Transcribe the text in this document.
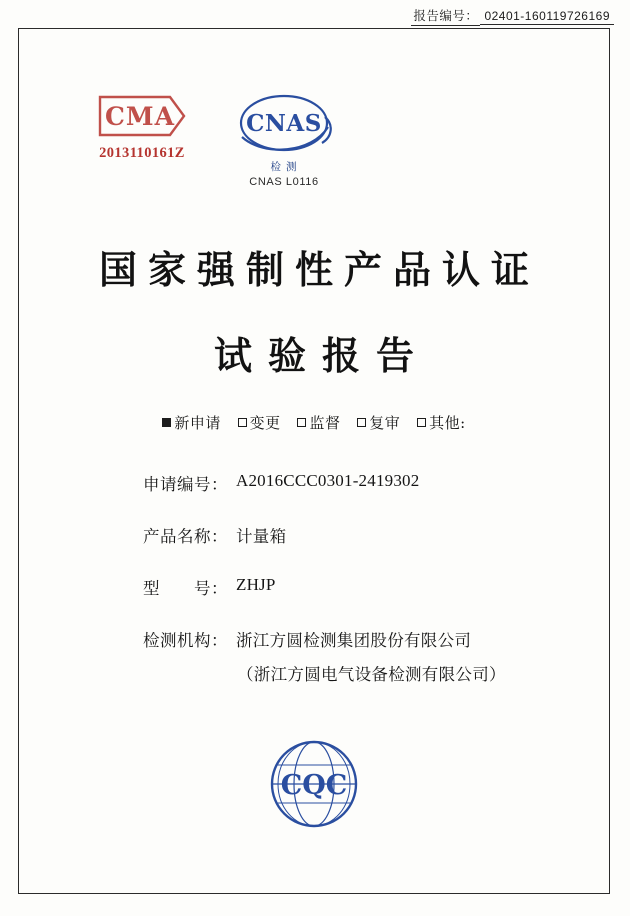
报告编号： 02401-160119726169
CMA
2013110161Z
CNAS
检 测
CNAS L0116
国家强制性产品认证
试验报告
新申请 变更 监督 复审 其他:
申请编号： A2016CCC0301-2419302
产品名称： 计量箱
型　　号： ZHJP
检测机构： 浙江方圆检测集团股份有限公司
（浙江方圆电气设备检测有限公司）
CQC
